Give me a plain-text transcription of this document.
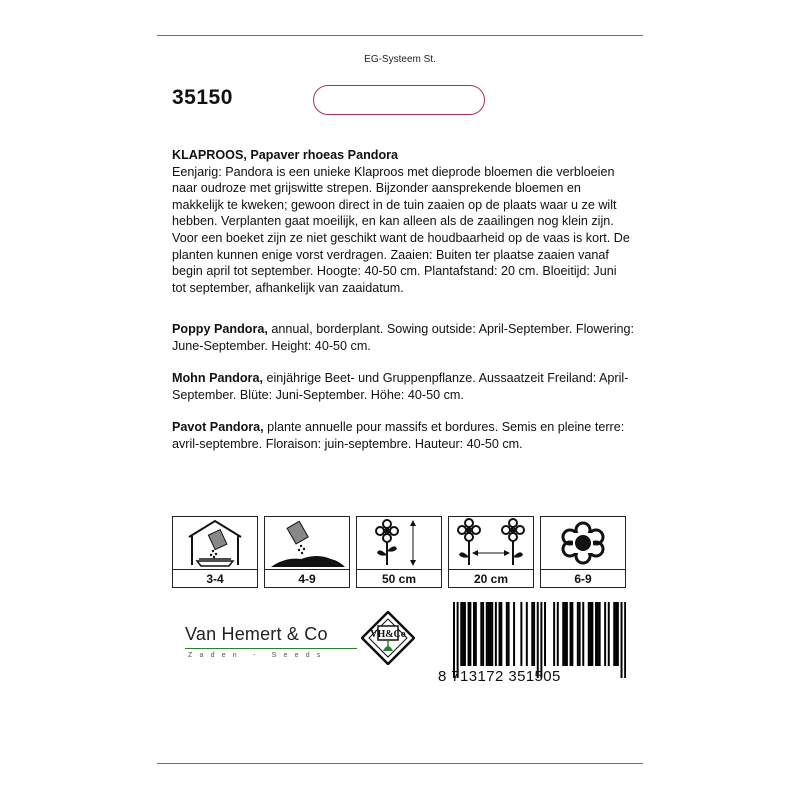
EG-Systeem St.
35150
KLAPROOS, Papaver rhoeas Pandora
Eenjarig: Pandora is een unieke Klaproos met dieprode bloemen die verbloeien naar oudroze met grijswitte strepen. Bijzonder aansprekende bloemen en makkelijk te kweken; gewoon direct in de tuin zaaien op de plaats waar u ze wilt hebben. Verplanten gaat moeilijk, en kan alleen als de zaailingen nog klein zijn. Voor een boeket zijn ze niet geschikt want de houdbaarheid op de vaas is kort. De planten kunnen enige vorst verdragen. Zaaien: Buiten ter plaatse zaaien vanaf begin april tot september. Hoogte: 40-50 cm. Plantafstand: 20 cm. Bloeitijd: Juni tot september, afhankelijk van zaaidatum.
Poppy Pandora, annual, borderplant. Sowing outside: April-September. Flowering: June-September. Height: 40-50 cm.
Mohn Pandora, einjährige Beet- und Gruppenpflanze. Aussaatzeit Freiland: April-September. Blüte: Juni-September. Höhe: 40-50 cm.
Pavot Pandora, plante annuelle pour massifs et bordures. Semis en pleine terre: avril-septembre. Floraison: juin-septembre. Hauteur: 40-50 cm.
3-4	4-9	50 cm	20 cm	6-9
Van Hemert & Co
Zaden - Seeds
VH&Co
8 713172 351505
